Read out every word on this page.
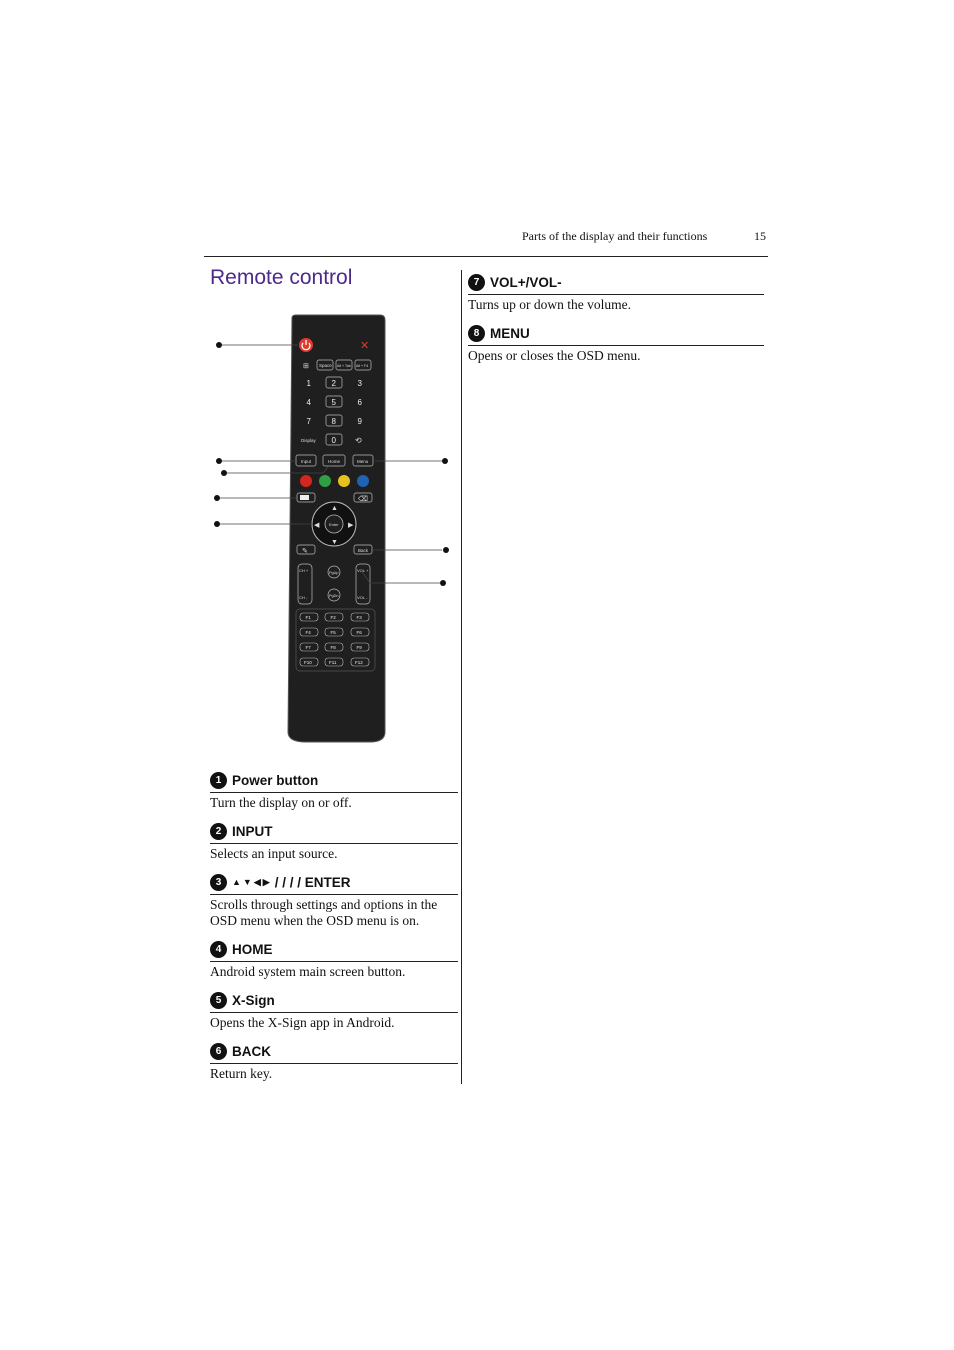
Parts of the display and their functions	15
Remote control
✕
⊞ Space Alt + Tab Alt + F4
1	2	3
4	5	6
7	8	9
0
Display	⟲
Input	Home	Menu
⌫
Enter
▲
▼
◀	▶
✎	Back
CH +
CH -
VOL +
VOL -
PgUp
PgDn
F1	F2	F3
F4	F5	F6
F7	F8	F9
F10	F11	F12
1 Power button
Turn the display on or off.
2 INPUT
Selects an input source.
3	▲ ▼ ◀ ▶ / / / / ENTER
Scrolls through settings and options in the OSD menu when the OSD menu is on.
4 HOME
Android system main screen button.
5 X-Sign
Opens the X-Sign app in Android.
6 BACK
Return key.
7 VOL+/VOL-
Turns up or down the volume.
8 MENU
Opens or closes the OSD menu.
